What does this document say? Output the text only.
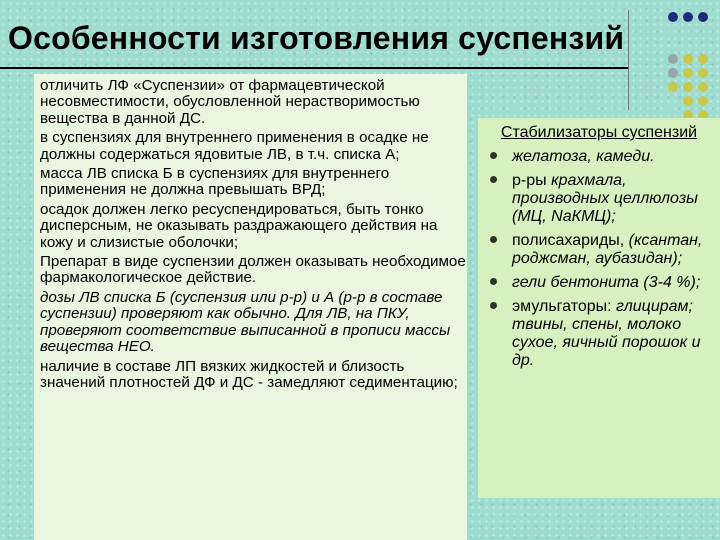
Особенности изготовления суспензий
отличить ЛФ «Суспензии» от фармацевтической несовместимости, обусловленной нерастворимостью вещества в данной ДС.
в суспензиях для внутреннего применения в осадке не должны содержаться ядовитые ЛВ, в т.ч. списка А;
масса ЛВ списка Б в суспензиях для внутреннего применения не должна превышать ВРД;
осадок должен легко ресуспендироваться, быть тонко дисперсным, не оказывать раздражающего действия на кожу и слизистые оболочки;
Препарат в виде суспензии должен оказывать необходимое фармакологическое действие.
дозы ЛВ списка Б (суспензия или р-р) и А (р-р в составе суспензии) проверяют как обычно. Для ЛВ, на ПКУ, проверяют соответствие выписанной в прописи массы вещества НЕО.
наличие в составе ЛП вязких жидкостей и близость значений плотностей ДФ и ДС - замедляют седиментацию;
Стабилизаторы суспензий
желатоза, камеди.
р-ры крахмала, производных целлюлозы (МЦ, NaКМЦ);
полисахариды, (ксантан, роджсман, аубазидан);
гели бентонита (3-4 %);
эмульгаторы: глицирам; твины, спены, молоко сухое, яичный порошок и др.
